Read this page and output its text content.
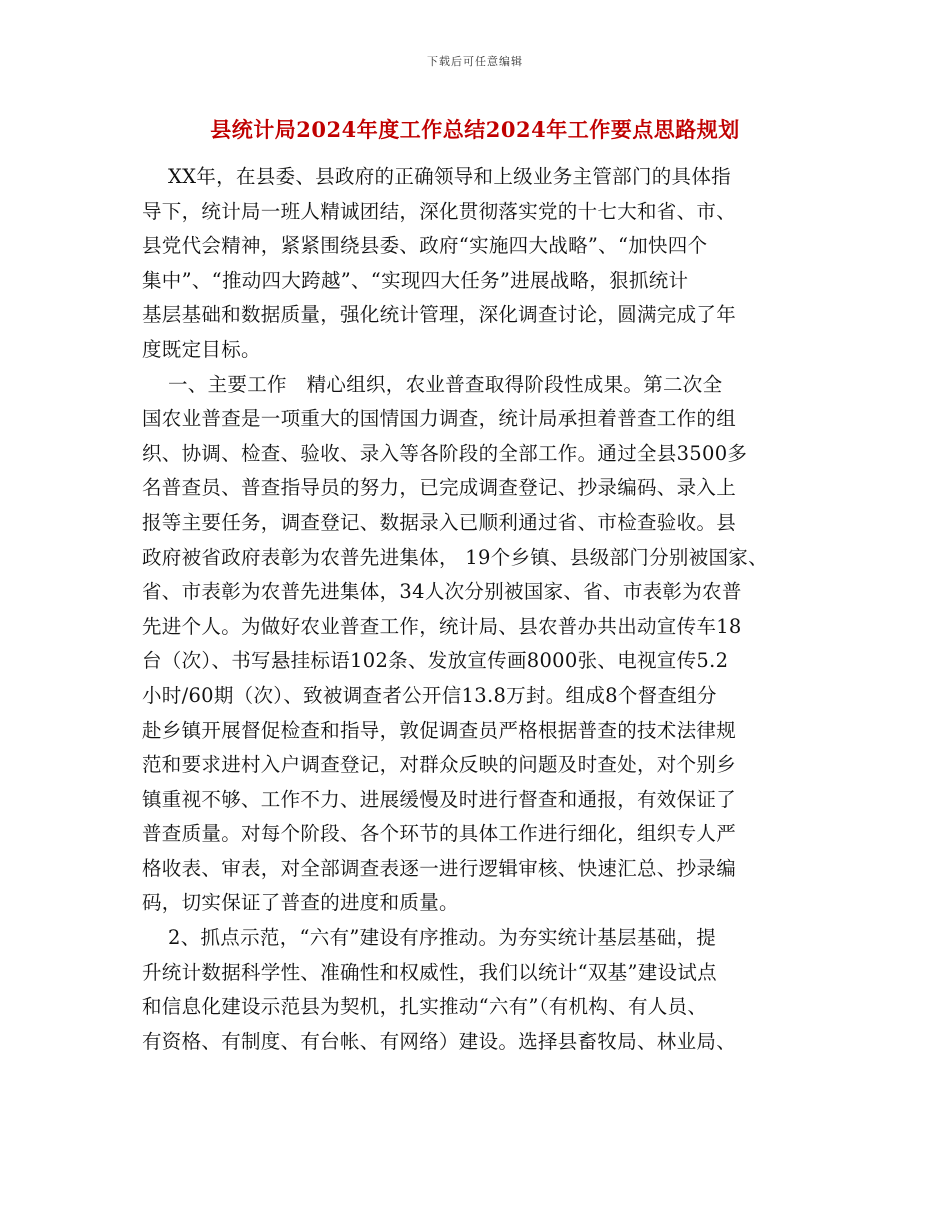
下载后可任意编辑
县统计局2024年度工作总结2024年工作要点思路规划
XX年，在县委、县政府的正确领导和上级业务主管部门的具体指
导下，统计局一班人精诚团结，深化贯彻落实党的十七大和省、市、
县党代会精神，紧紧围绕县委、政府“实施四大战略”、“加快四个
集中”、“推动四大跨越”、“实现四大任务”进展战略，狠抓统计
基层基础和数据质量，强化统计管理，深化调查讨论，圆满完成了年
度既定目标。
一、主要工作　精心组织，农业普查取得阶段性成果。第二次全
国农业普查是一项重大的国情国力调查，统计局承担着普查工作的组
织、协调、检查、验收、录入等各阶段的全部工作。通过全县3500多
名普查员、普查指导员的努力，已完成调查登记、抄录编码、录入上
报等主要任务，调查登记、数据录入已顺利通过省、市检查验收。县
政府被省政府表彰为农普先进集体， 19个乡镇、县级部门分别被国家、
省、市表彰为农普先进集体，34人次分别被国家、省、市表彰为农普
先进个人。为做好农业普查工作，统计局、县农普办共出动宣传车18
台（次）、书写悬挂标语102条、发放宣传画8000张、电视宣传5.2
小时/60期（次）、致被调查者公开信13.8万封。组成8个督查组分
赴乡镇开展督促检查和指导，敦促调查员严格根据普查的技术法律规
范和要求进村入户调查登记，对群众反映的问题及时查处，对个别乡
镇重视不够、工作不力、进展缓慢及时进行督查和通报，有效保证了
普查质量。对每个阶段、各个环节的具体工作进行细化，组织专人严
格收表、审表，对全部调查表逐一进行逻辑审核、快速汇总、抄录编
码，切实保证了普查的进度和质量。
2、抓点示范，“六有”建设有序推动。为夯实统计基层基础，提
升统计数据科学性、准确性和权威性，我们以统计“双基”建设试点
和信息化建设示范县为契机，扎实推动“六有”（有机构、有人员、
有资格、有制度、有台帐、有网络）建设。选择县畜牧局、林业局、
